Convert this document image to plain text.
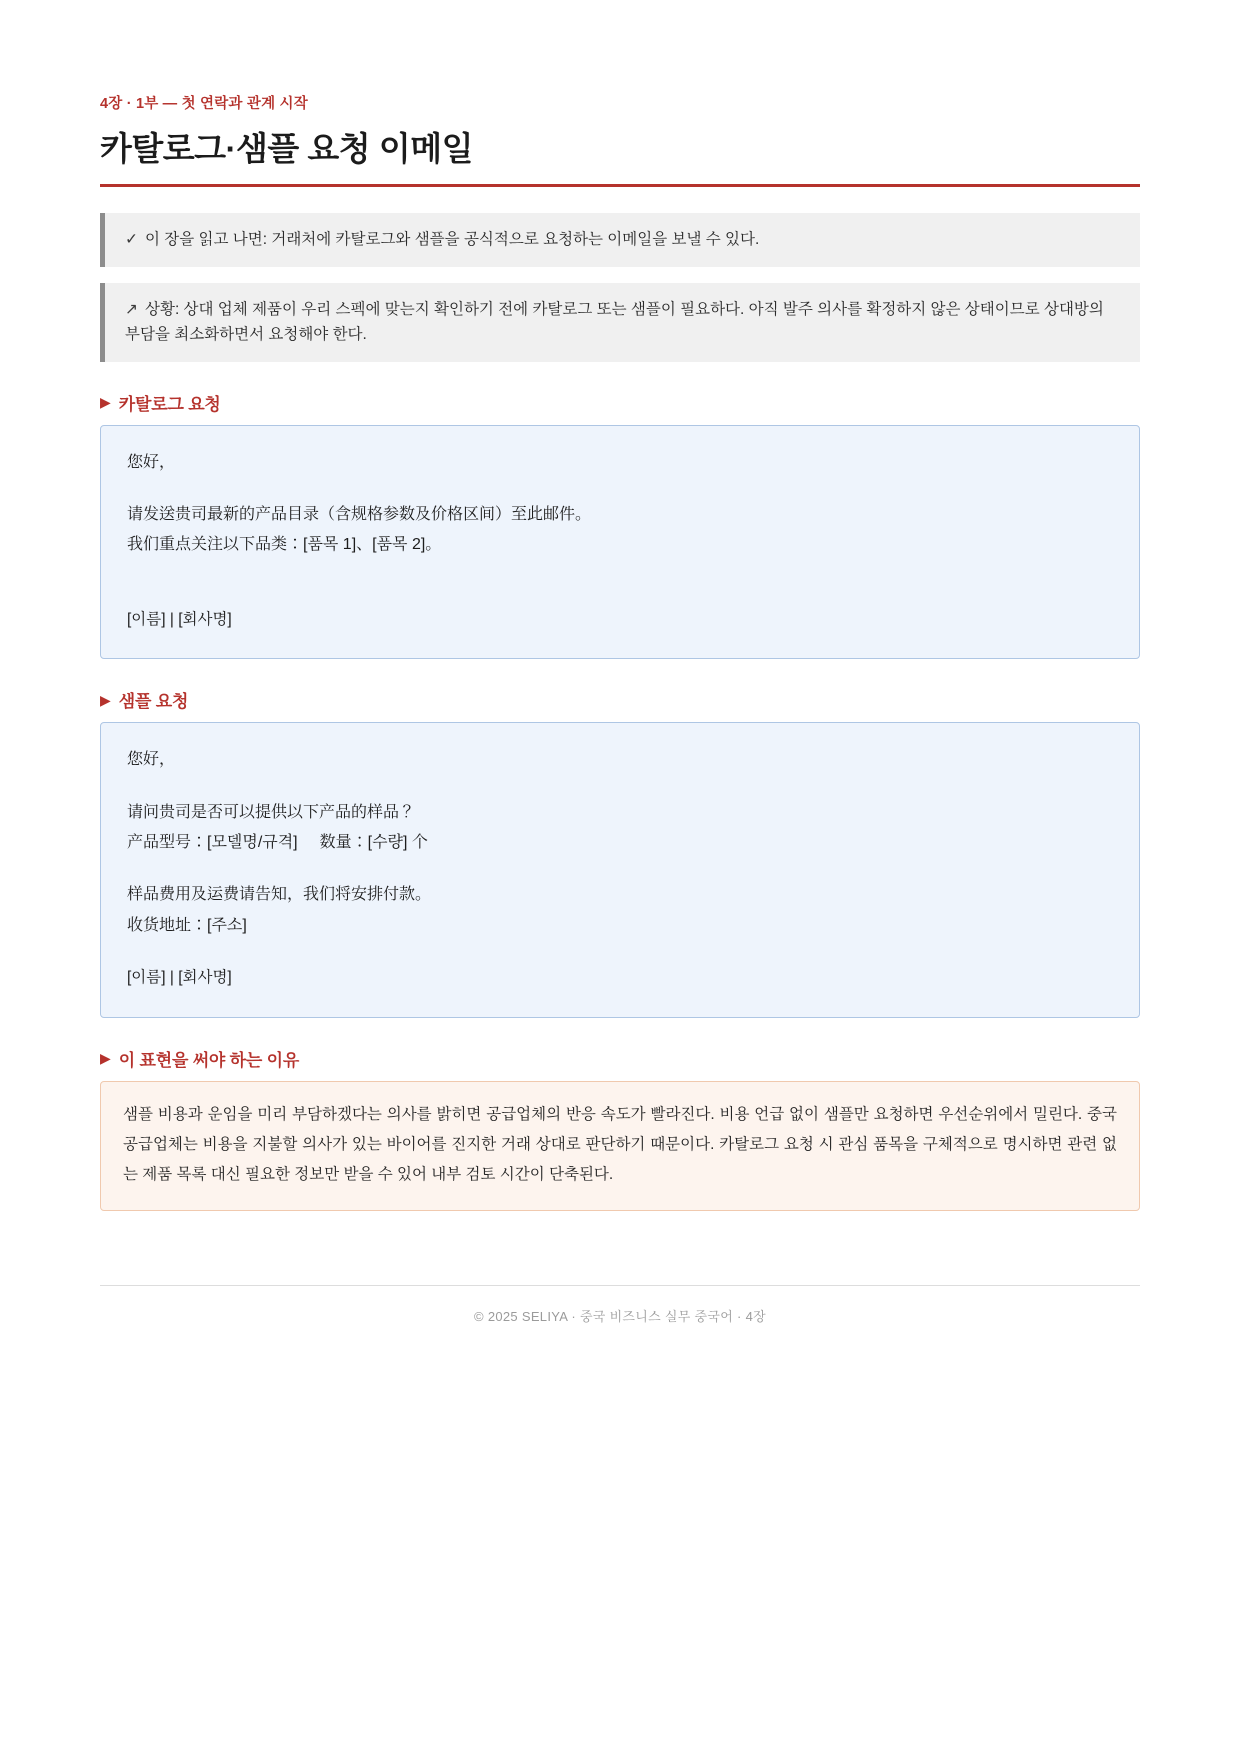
4장 · 1부 — 첫 연락과 관계 시작
카탈로그·샘플 요청 이메일
✓ 이 장을 읽고 나면: 거래처에 카탈로그와 샘플을 공식적으로 요청하는 이메일을 보낼 수 있다.
↗ 상황: 상대 업체 제품이 우리 스펙에 맞는지 확인하기 전에 카탈로그 또는 샘플이 필요하다. 아직 발주 의사를 확정하지 않은 상태이므로 상대방의 부담을 최소화하면서 요청해야 한다.
▶ 카탈로그 요청

您好，

请发送贵司最新的产品目录（含规格参数及价格区间）至此邮件。

我们重点关注以下品类：[품목 1]、[품목 2]。

[이름] | [회사명]

▶ 샘플 요청

您好，

请问贵司是否可以提供以下产品的样品？

产品型号：[모델명/규격] 数量：[수량] 个

样品费用及运费请告知，我们将安排付款。

收货地址：[주소]

[이름] | [회사명]

▶ 이 표현을 써야 하는 이유

샘플 비용과 운임을 미리 부담하겠다는 의사를 밝히면 공급업체의 반응 속도가 빨라진다. 비용 언급 없이 샘플만 요청하면 우선순위에서 밀린다. 중국 공급업체는 비용을 지불할 의사가 있는 바이어를 진지한 거래 상대로 판단하기 때문이다. 카탈로그 요청 시 관심 품목을 구체적으로 명시하면 관련 없는 제품 목록 대신 필요한 정보만 받을 수 있어 내부 검토 시간이 단축된다.

© 2025 SELIYA · 중국 비즈니스 실무 중국어 · 4장
